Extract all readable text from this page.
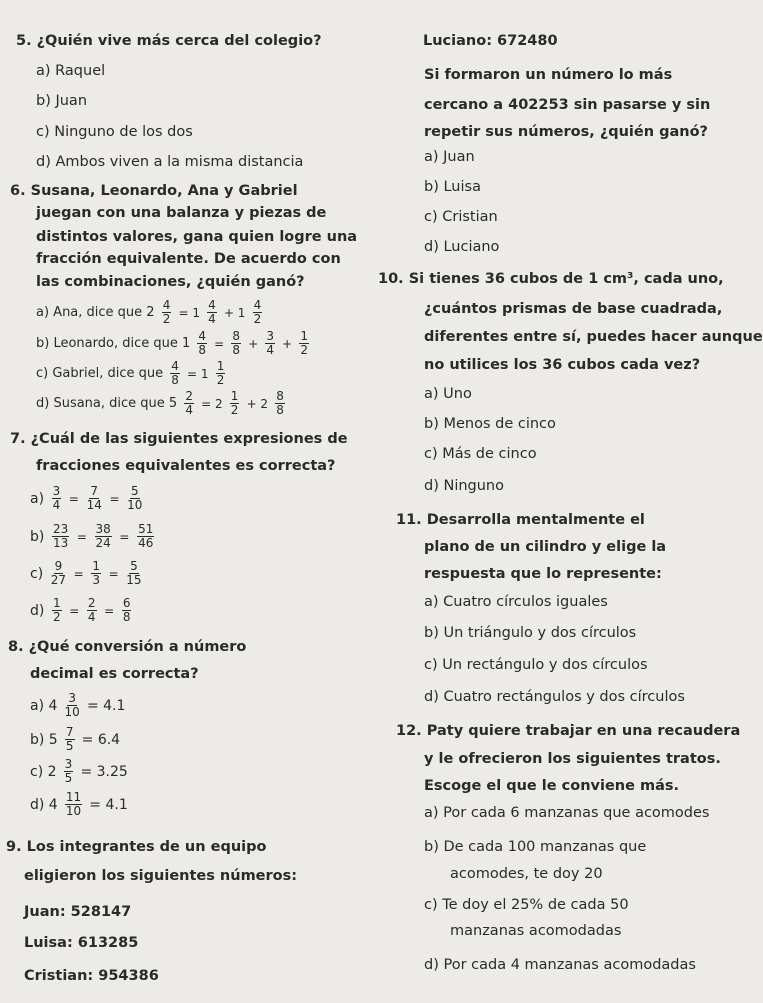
5. ¿Quién vive más cerca del colegio?
a) Raquel
b) Juan
c) Ninguno de los dos
d) Ambos viven a la misma distancia
6. Susana, Leonardo, Ana y Gabriel
juegan con una balanza y piezas de
distintos valores, gana quien logre una
fracción equivalente. De acuerdo con
las combinaciones, ¿quién ganó?
a) Ana, dice que $2 \frac{4}{2} = 1 \frac{4}{4} + 1 \frac{4}{2}$
b) Leonardo, dice que $1 \frac{4}{8} = \frac{8}{8} + \frac{3}{4} + \frac{1}{2}$
c) Gabriel, dice que $\frac{4}{8} = 1 \frac{1}{2}$
d) Susana, dice que $5 \frac{2}{4} = 2 \frac{1}{2} + 2 \frac{8}{8}$
7. ¿Cuál de las siguientes expresiones de
fracciones equivalentes es correcta?
$a) \frac{3}{4} = \frac{7}{14} = \frac{5}{10}$
$b) \frac{23}{13} = \frac{38}{24} = \frac{51}{46}$
$c) \frac{9}{27} = \frac{1}{3} = \frac{5}{15}$
$d) \frac{1}{2} = \frac{2}{4} = \frac{6}{8}$
8. ¿Qué conversión a número
decimal es correcta?
a) $4 \frac{3}{10} = 4.1$
b) $5 \frac{7}{5} = 6.4$
c) $2 \frac{3}{5} = 3.25$
d) $4 \frac{11}{10} = 4.1$
9. Los integrantes de un equipo
eligieron los siguientes números:
Juan: 528147
Luisa: 613285
Cristian: 954386
Luciano: 672480
Si formaron un número lo más
cercano a 402253 sin pasarse y sin
repetir sus números, ¿quién ganó?
a) Juan
b) Luisa
c) Cristian
d) Luciano
10. Si tienes 36 cubos de 1 cm³, cada uno,
¿cuántos prismas de base cuadrada,
diferentes entre sí, puedes hacer aunque
no utilices los 36 cubos cada vez?
a) Uno
b) Menos de cinco
c) Más de cinco
d) Ninguno
11. Desarrolla mentalmente el
plano de un cilindro y elige la
respuesta que lo represente:
a) Cuatro círculos iguales
b) Un triángulo y dos círculos
c) Un rectángulo y dos círculos
d) Cuatro rectángulos y dos círculos
12. Paty quiere trabajar en una recaudera
y le ofrecieron los siguientes tratos.
Escoge el que le conviene más.
a) Por cada 6 manzanas que acomodes
b) De cada 100 manzanas que
acomodes, te doy 20
c) Te doy el 25% de cada 50
manzanas acomodadas
d) Por cada 4 manzanas acomodadas
